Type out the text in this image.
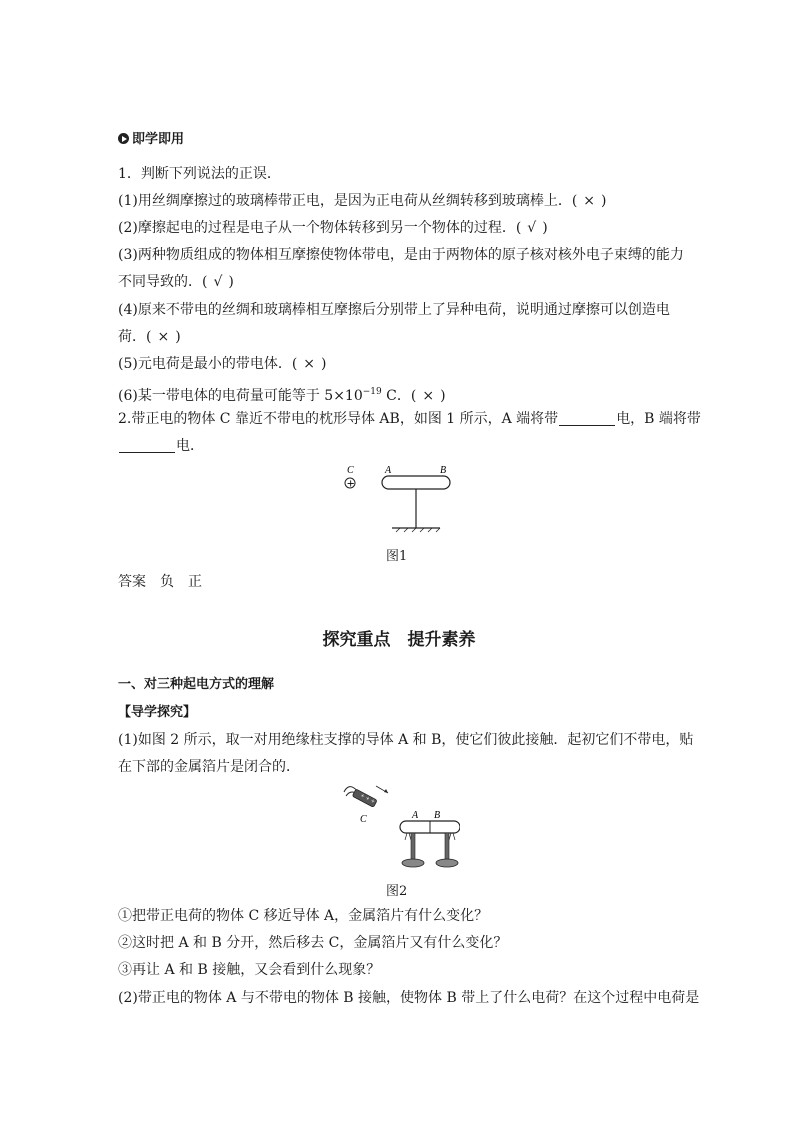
即学即用
1．判断下列说法的正误．
(1)用丝绸摩擦过的玻璃棒带正电，是因为正电荷从丝绸转移到玻璃棒上．( × )
(2)摩擦起电的过程是电子从一个物体转移到另一个物体的过程．( √ )
(3)两种物质组成的物体相互摩擦使物体带电，是由于两物体的原子核对核外电子束缚的能力
不同导致的．( √ )
(4)原来不带电的丝绸和玻璃棒相互摩擦后分别带上了异种电荷，说明通过摩擦可以创造电
荷．( × )
(5)元电荷是最小的带电体．( × )
(6)某一带电体的电荷量可能等于 $5\times 10^{-19}$ C．( × )
2.带正电的物体 C 靠近不带电的枕形导体 AB，如图 1 所示，A 端将带	电，B 端将带
电．
C
+
A	B
图1
答案 负 正
探究重点　提升素养
一、对三种起电方式的理解
【导学探究】
(1)如图 2 所示，取一对用绝缘柱支撑的导体 A 和 B，使它们彼此接触．起初它们不带电，贴
在下部的金属箔片是闭合的．
+ + + +
C	A B
图2
①把带正电荷的物体 C 移近导体 A，金属箔片有什么变化？
②这时把 A 和 B 分开，然后移去 C，金属箔片又有什么变化？
③再让 A 和 B 接触，又会看到什么现象？
(2)带正电的物体 A 与不带电的物体 B 接触，使物体 B 带上了什么电荷？在这个过程中电荷是
